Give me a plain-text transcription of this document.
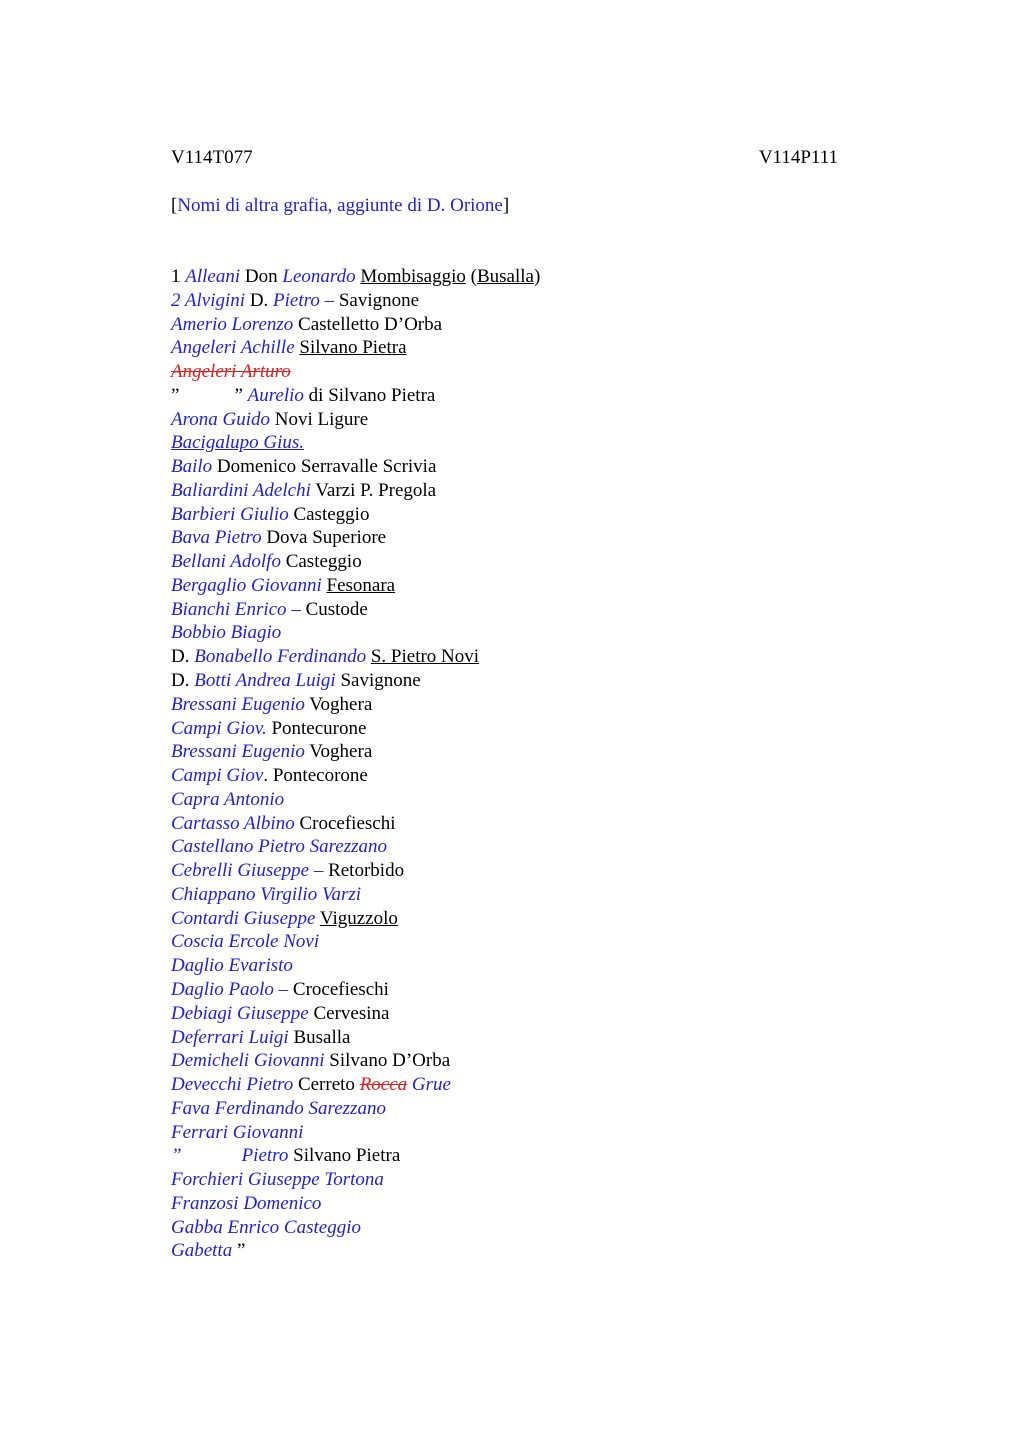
V114T077	V114P111
[Nomi di altra grafia, aggiunte di D. Orione]
1 Alleani Don Leonardo Mombisaggio (Busalla)
2 Alvigini D. Pietro – Savignone
Amerio Lorenzo Castelletto D’Orba
Angeleri Achille Silvano Pietra
Angeleri Arturo
”	” Aurelio di Silvano Pietra
Arona Guido Novi Ligure
Bacigalupo Gius.
Bailo Domenico Serravalle Scrivia
Baliardini Adelchi Varzi P. Pregola
Barbieri Giulio Casteggio
Bava Pietro Dova Superiore
Bellani Adolfo Casteggio
Bergaglio Giovanni Fesonara
Bianchi Enrico – Custode
Bobbio Biagio
D. Bonabello Ferdinando S. Pietro Novi
D. Botti Andrea Luigi Savignone
Bressani Eugenio Voghera
Campi Giov. Pontecurone
Bressani Eugenio Voghera
Campi Giov. Pontecorone
Capra Antonio
Cartasso Albino Crocefieschi
Castellano Pietro Sarezzano
Cebrelli Giuseppe – Retorbido
Chiappano Virgilio Varzi
Contardi Giuseppe Viguzzolo
Coscia Ercole Novi
Daglio Evaristo
Daglio Paolo – Crocefieschi
Debiagi Giuseppe Cervesina
Deferrari Luigi Busalla
Demicheli Giovanni Silvano D’Orba
Devecchi Pietro Cerreto Rocca Grue
Fava Ferdinando Sarezzano
Ferrari Giovanni
”	Pietro Silvano Pietra
Forchieri Giuseppe Tortona
Franzosi Domenico
Gabba Enrico Casteggio
Gabetta ”
